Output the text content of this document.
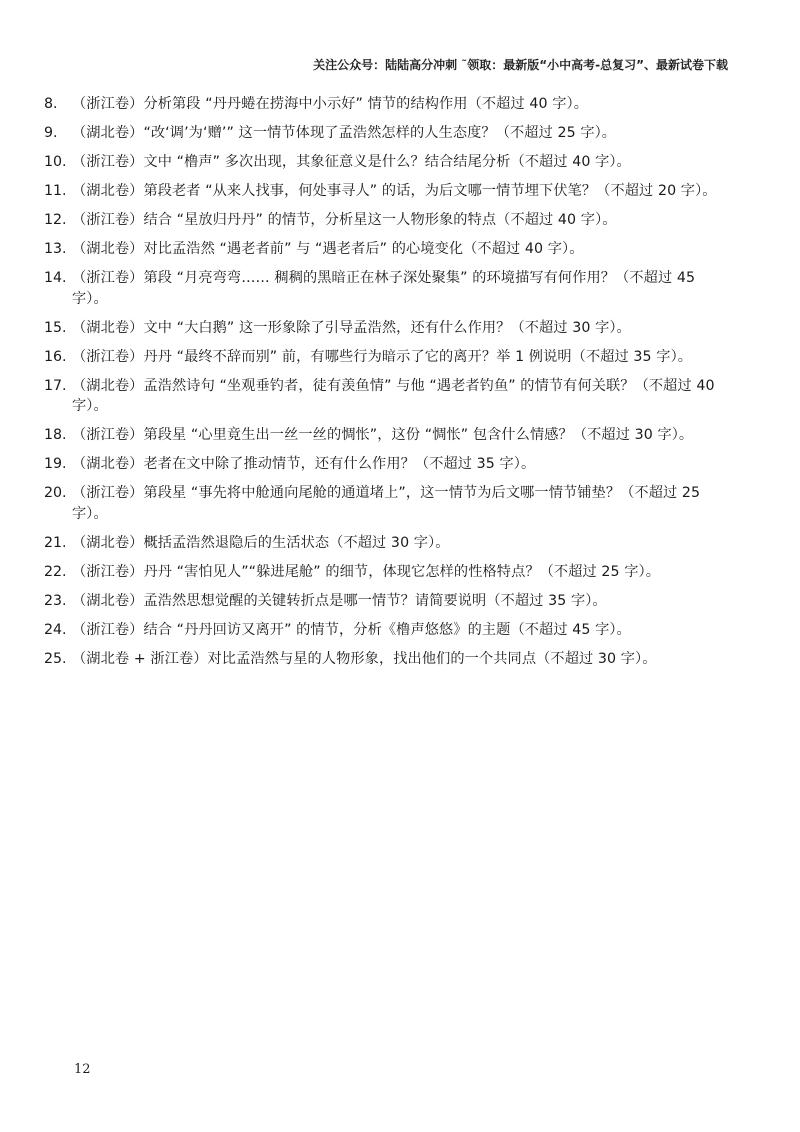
关注公众号：陆陆高分冲刺 ˜领取：最新版“小中高考-总复习”、最新试卷下载
8.	（浙江卷）分析第段 “丹丹蜷在捞海中小示好” 情节的结构作用（不超过 40 字）。
9.	（湖北卷）“改‘调’为‘赠’” 这一情节体现了孟浩然怎样的人生态度？（不超过 25 字）。
10. （浙江卷）文中 “橹声” 多次出现，其象征意义是什么？结合结尾分析（不超过 40 字）。
11. （湖北卷）第段老者 “从来人找事，何处事寻人” 的话，为后文哪一情节埋下伏笔？（不超过 20 字）。
12. （浙江卷）结合 “星放归丹丹” 的情节，分析星这一人物形象的特点（不超过 40 字）。
13. （湖北卷）对比孟浩然 “遇老者前” 与 “遇老者后” 的心境变化（不超过 40 字）。
14. （浙江卷）第段 “月亮弯弯…… 稠稠的黑暗正在林子深处聚集” 的环境描写有何作用？（不超过 45 字）。
15. （湖北卷）文中 “大白鹅” 这一形象除了引导孟浩然，还有什么作用？（不超过 30 字）。
16. （浙江卷）丹丹 “最终不辞而别” 前，有哪些行为暗示了它的离开？举 1 例说明（不超过 35 字）。
17. （湖北卷）孟浩然诗句 “坐观垂钓者，徒有羡鱼情” 与他 “遇老者钓鱼” 的情节有何关联？（不超过 40 字）。
18. （浙江卷）第段星 “心里竟生出一丝一丝的惆怅”，这份 “惆怅” 包含什么情感？（不超过 30 字）。
19. （湖北卷）老者在文中除了推动情节，还有什么作用？（不超过 35 字）。
20. （浙江卷）第段星 “事先将中舱通向尾舱的通道堵上”，这一情节为后文哪一情节铺垫？（不超过 25 字）。
21. （湖北卷）概括孟浩然退隐后的生活状态（不超过 30 字）。
22. （浙江卷）丹丹 “害怕见人”“躲进尾舱” 的细节，体现它怎样的性格特点？（不超过 25 字）。
23. （湖北卷）孟浩然思想觉醒的关键转折点是哪一情节？请简要说明（不超过 35 字）。
24. （浙江卷）结合 “丹丹回访又离开” 的情节，分析《橹声悠悠》的主题（不超过 45 字）。
25. （湖北卷 + 浙江卷）对比孟浩然与星的人物形象，找出他们的一个共同点（不超过 30 字）。
12
